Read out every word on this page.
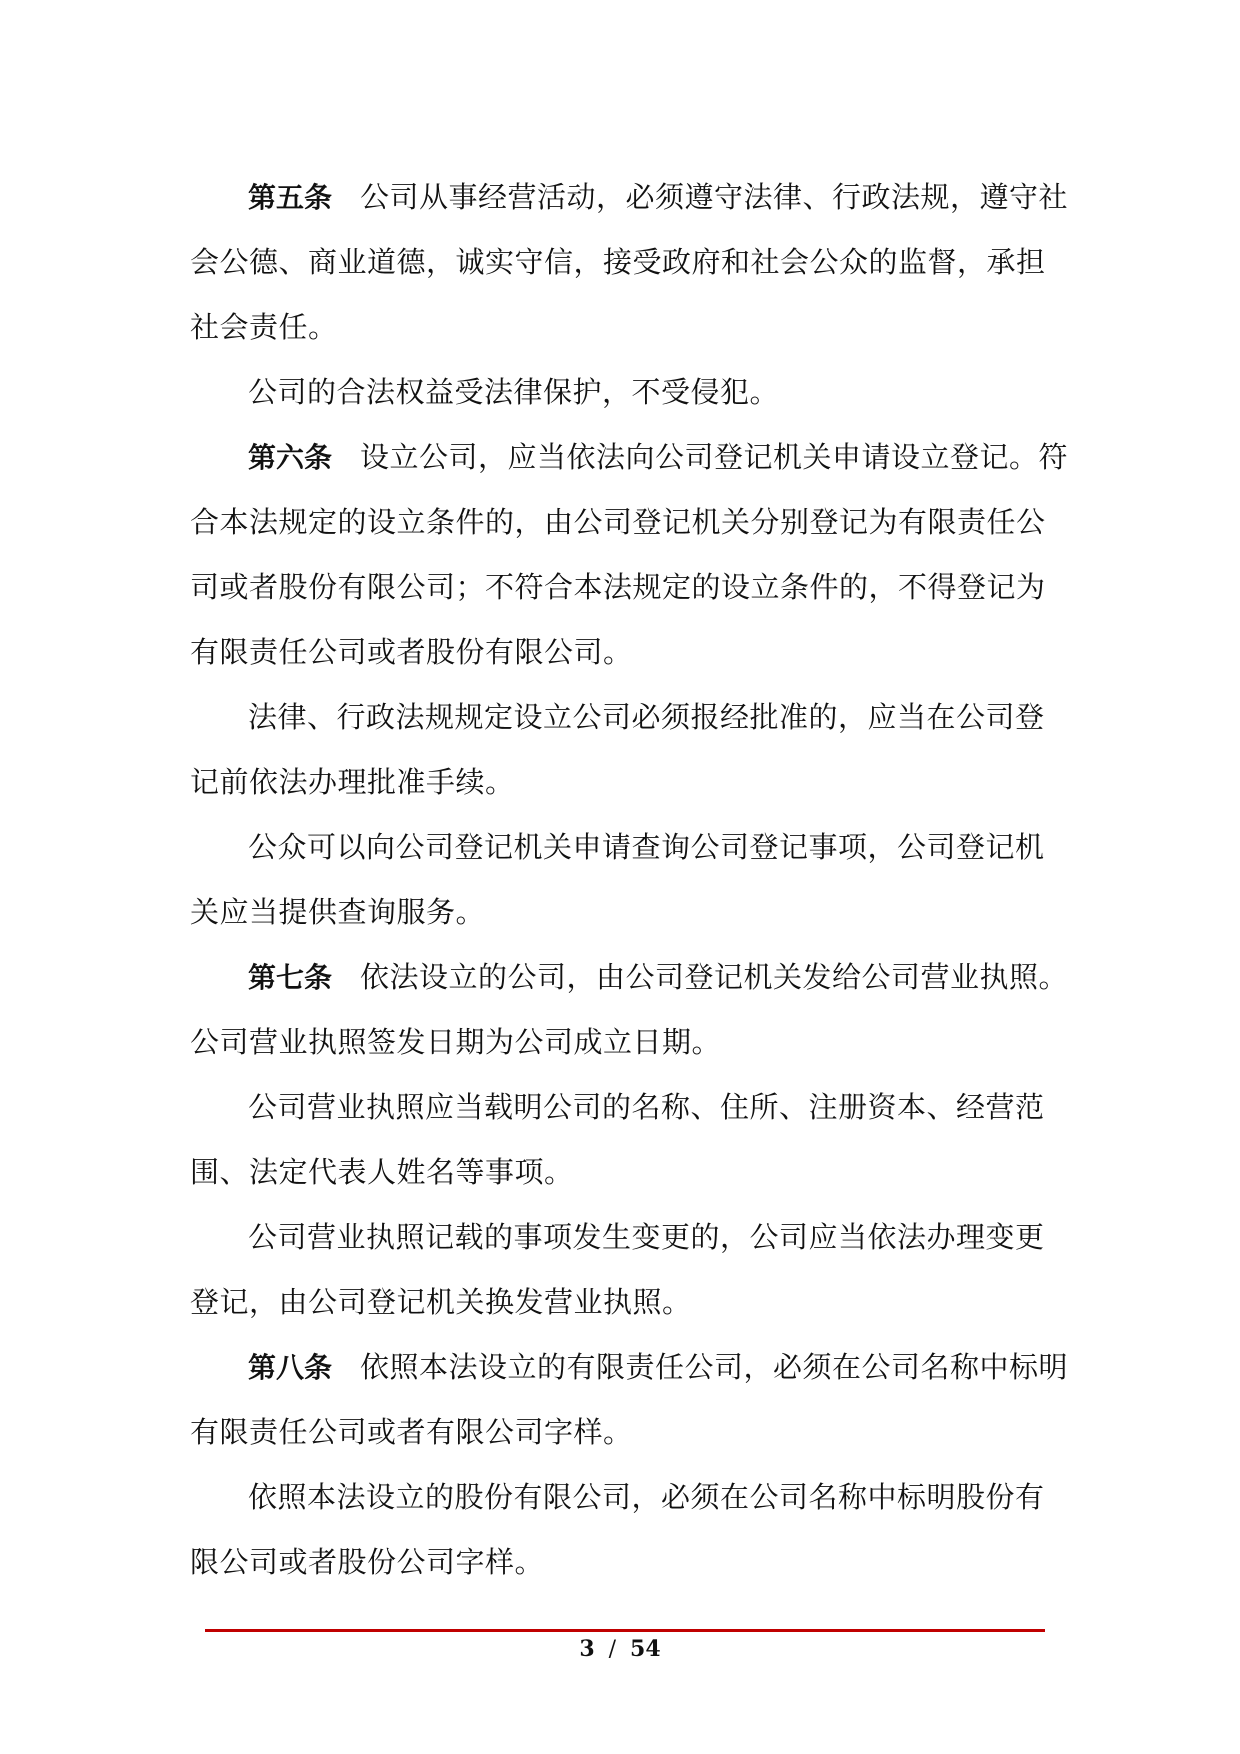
第五条 公司从事经营活动，必须遵守法律、行政法规，遵守社会公德、商业道德，诚实守信，接受政府和社会公众的监督，承担社会责任。

公司的合法权益受法律保护，不受侵犯。

第六条 设立公司，应当依法向公司登记机关申请设立登记。符合本法规定的设立条件的，由公司登记机关分别登记为有限责任公司或者股份有限公司；不符合本法规定的设立条件的，不得登记为有限责任公司或者股份有限公司。

法律、行政法规规定设立公司必须报经批准的，应当在公司登记前依法办理批准手续。

公众可以向公司登记机关申请查询公司登记事项，公司登记机关应当提供查询服务。

第七条 依法设立的公司，由公司登记机关发给公司营业执照。公司营业执照签发日期为公司成立日期。

公司营业执照应当载明公司的名称、住所、注册资本、经营范围、法定代表人姓名等事项。

公司营业执照记载的事项发生变更的，公司应当依法办理变更登记，由公司登记机关换发营业执照。

第八条 依照本法设立的有限责任公司，必须在公司名称中标明有限责任公司或者有限公司字样。

依照本法设立的股份有限公司，必须在公司名称中标明股份有限公司或者股份公司字样。

3 / 54
